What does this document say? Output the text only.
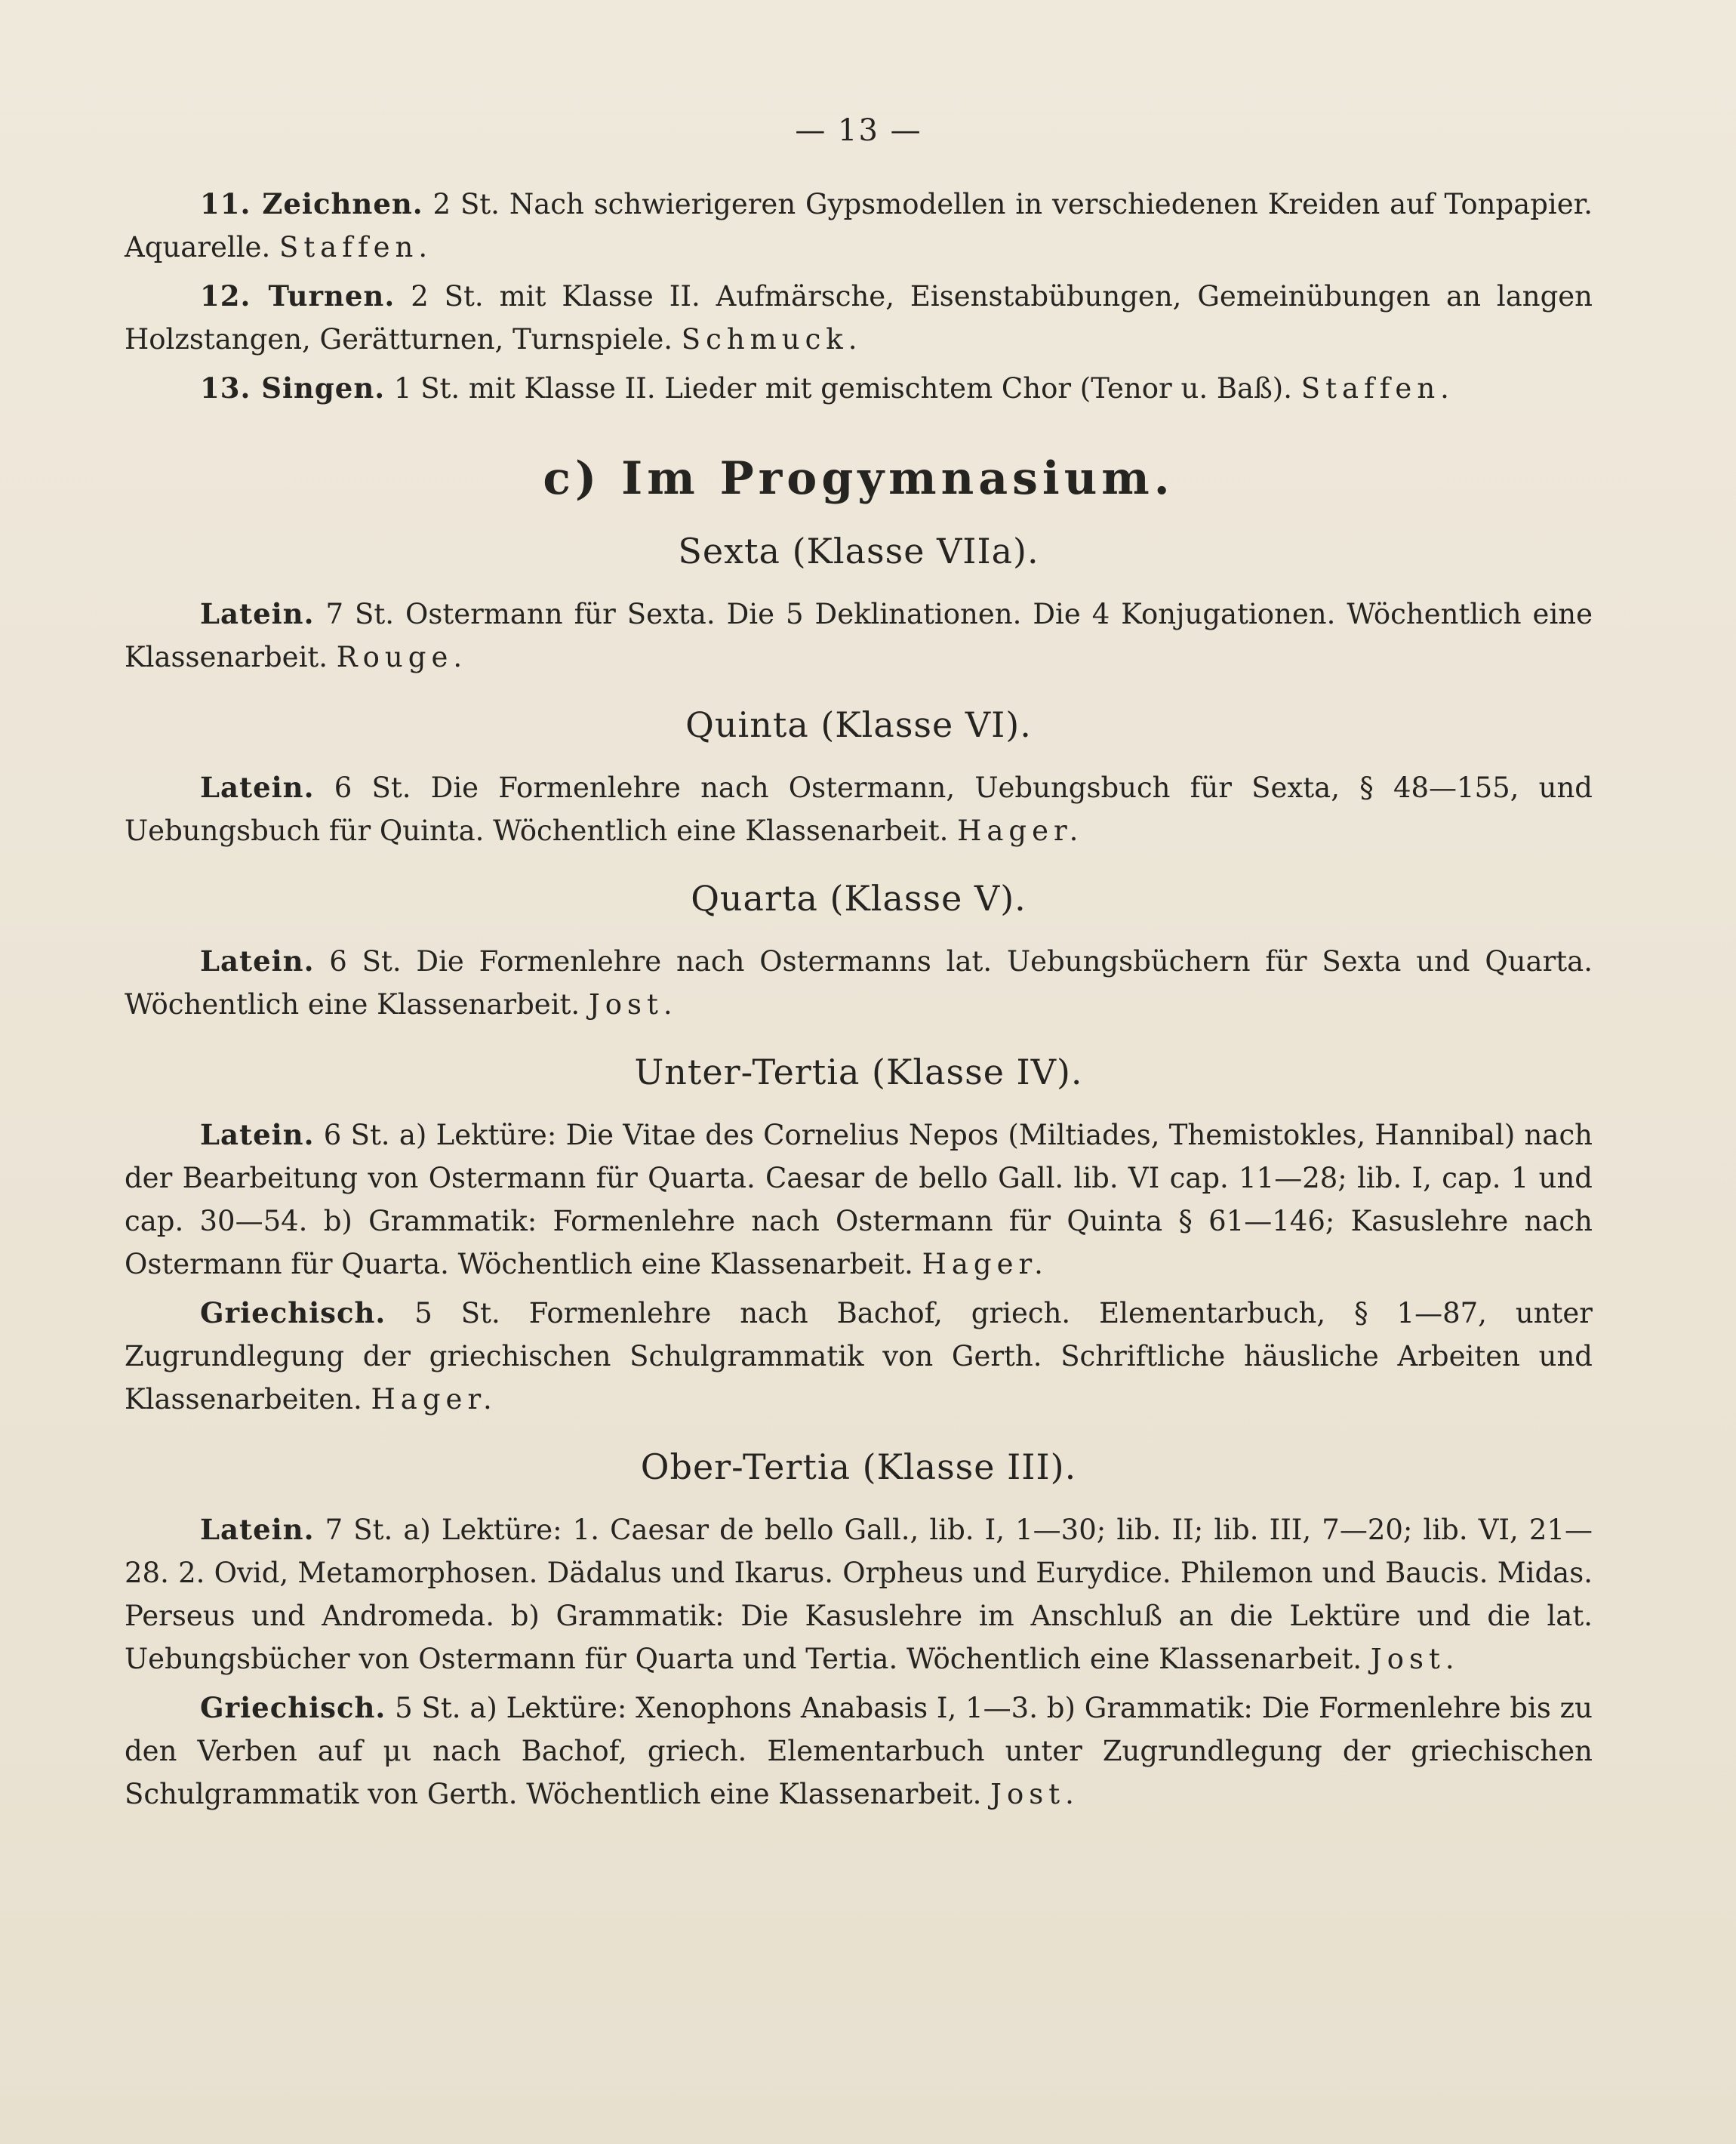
— 13 —

11. Zeichnen. 2 St. Nach schwierigeren Gypsmodellen in verschiedenen Kreiden auf Tonpapier. Aquarelle. Staffen.

12. Turnen. 2 St. mit Klasse II. Aufmärsche, Eisenstabübungen, Gemeinübungen an langen Holzstangen, Gerätturnen, Turnspiele. Schmuck.

13. Singen. 1 St. mit Klasse II. Lieder mit gemischtem Chor (Tenor u. Baß). Staffen.

c) Im Progymnasium.
Sexta (Klasse VIIa).

Latein. 7 St. Ostermann für Sexta. Die 5 Deklinationen. Die 4 Konjugationen. Wöchentlich eine Klassenarbeit. Rouge.

Quinta (Klasse VI).

Latein. 6 St. Die Formenlehre nach Ostermann, Uebungsbuch für Sexta, § 48—155, und Uebungsbuch für Quinta. Wöchentlich eine Klassenarbeit. Hager.

Quarta (Klasse V).

Latein. 6 St. Die Formenlehre nach Ostermanns lat. Uebungsbüchern für Sexta und Quarta. Wöchentlich eine Klassenarbeit. Jost.

Unter-Tertia (Klasse IV).

Latein. 6 St. a) Lektüre: Die Vitae des Cornelius Nepos (Miltiades, Themistokles, Hannibal) nach der Bearbeitung von Ostermann für Quarta. Caesar de bello Gall. lib. VI cap. 11—28; lib. I, cap. 1 und cap. 30—54. b) Grammatik: Formenlehre nach Ostermann für Quinta § 61—146; Kasuslehre nach Ostermann für Quarta. Wöchentlich eine Klassenarbeit. Hager.

Griechisch. 5 St. Formenlehre nach Bachof, griech. Elementarbuch, § 1—87, unter Zugrundlegung der griechischen Schulgrammatik von Gerth. Schriftliche häusliche Arbeiten und Klassenarbeiten. Hager.

Ober-Tertia (Klasse III).

Latein. 7 St. a) Lektüre: 1. Caesar de bello Gall., lib. I, 1—30; lib. II; lib. III, 7—20; lib. VI, 21—28. 2. Ovid, Metamorphosen. Dädalus und Ikarus. Orpheus und Eurydice. Philemon und Baucis. Midas. Perseus und Andromeda. b) Grammatik: Die Kasuslehre im Anschluß an die Lektüre und die lat. Uebungsbücher von Ostermann für Quarta und Tertia. Wöchentlich eine Klassenarbeit. Jost.

Griechisch. 5 St. a) Lektüre: Xenophons Anabasis I, 1—3. b) Grammatik: Die Formenlehre bis zu den Verben auf μι nach Bachof, griech. Elementarbuch unter Zugrundlegung der griechischen Schulgrammatik von Gerth. Wöchentlich eine Klassenarbeit. Jost.
